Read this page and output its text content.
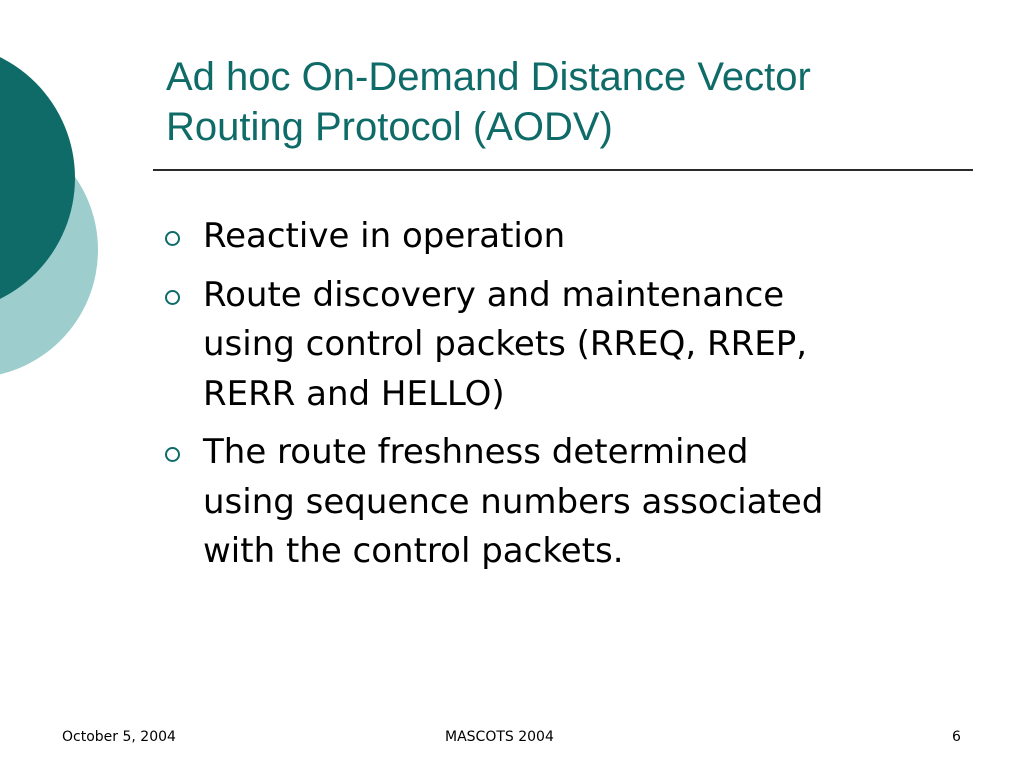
Ad hoc On-Demand Distance Vector
Routing Protocol (AODV)
Reactive in operation
Route discovery and maintenance
using control packets (RREQ, RREP,
RERR and HELLO)
The route freshness determined
using sequence numbers associated
with the control packets.
October 5, 2004	MASCOTS 2004	6
